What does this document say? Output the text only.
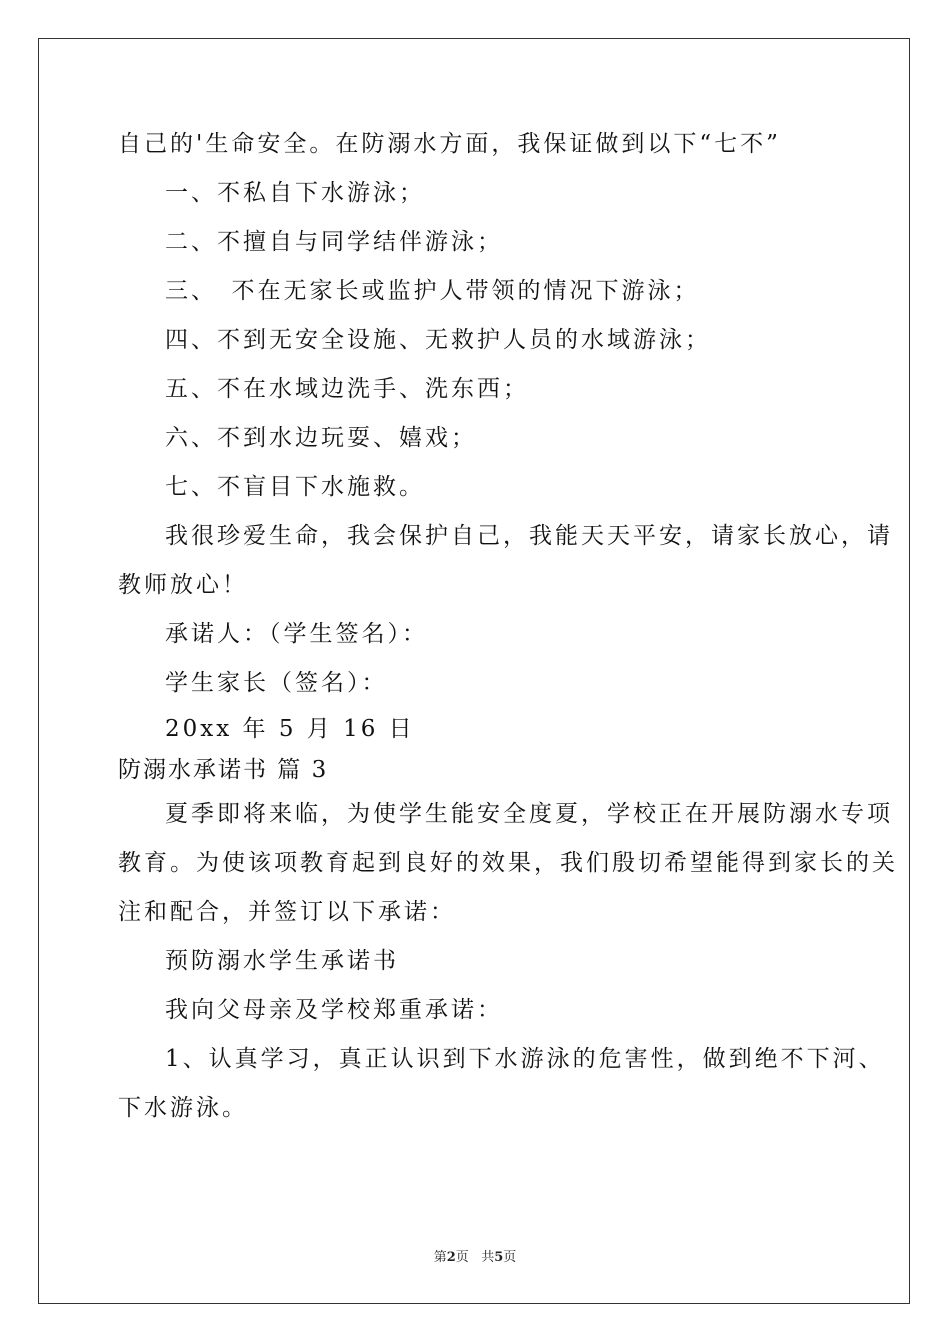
自己的'生命安全。在防溺水方面，我保证做到以下“七不”
一、不私自下水游泳；
二、不擅自与同学结伴游泳；
三、　不在无家长或监护人带领的情况下游泳；
四、不到无安全设施、无救护人员的水域游泳；
五、不在水域边洗手、洗东西；
六、不到水边玩耍、嬉戏；
七、不盲目下水施救。
我很珍爱生命，我会保护自己，我能天天平安，请家长放心，请
教师放心！
承诺人：（学生签名）：
学生家长（签名）：
20xx 年 5 月 16 日
防溺水承诺书 篇 3
夏季即将来临，为使学生能安全度夏，学校正在开展防溺水专项
教育。为使该项教育起到良好的效果，我们殷切希望能得到家长的关
注和配合，并签订以下承诺：
预防溺水学生承诺书
我向父母亲及学校郑重承诺：
1、认真学习，真正认识到下水游泳的危害性，做到绝不下河、
下水游泳。
第2页 共5页
